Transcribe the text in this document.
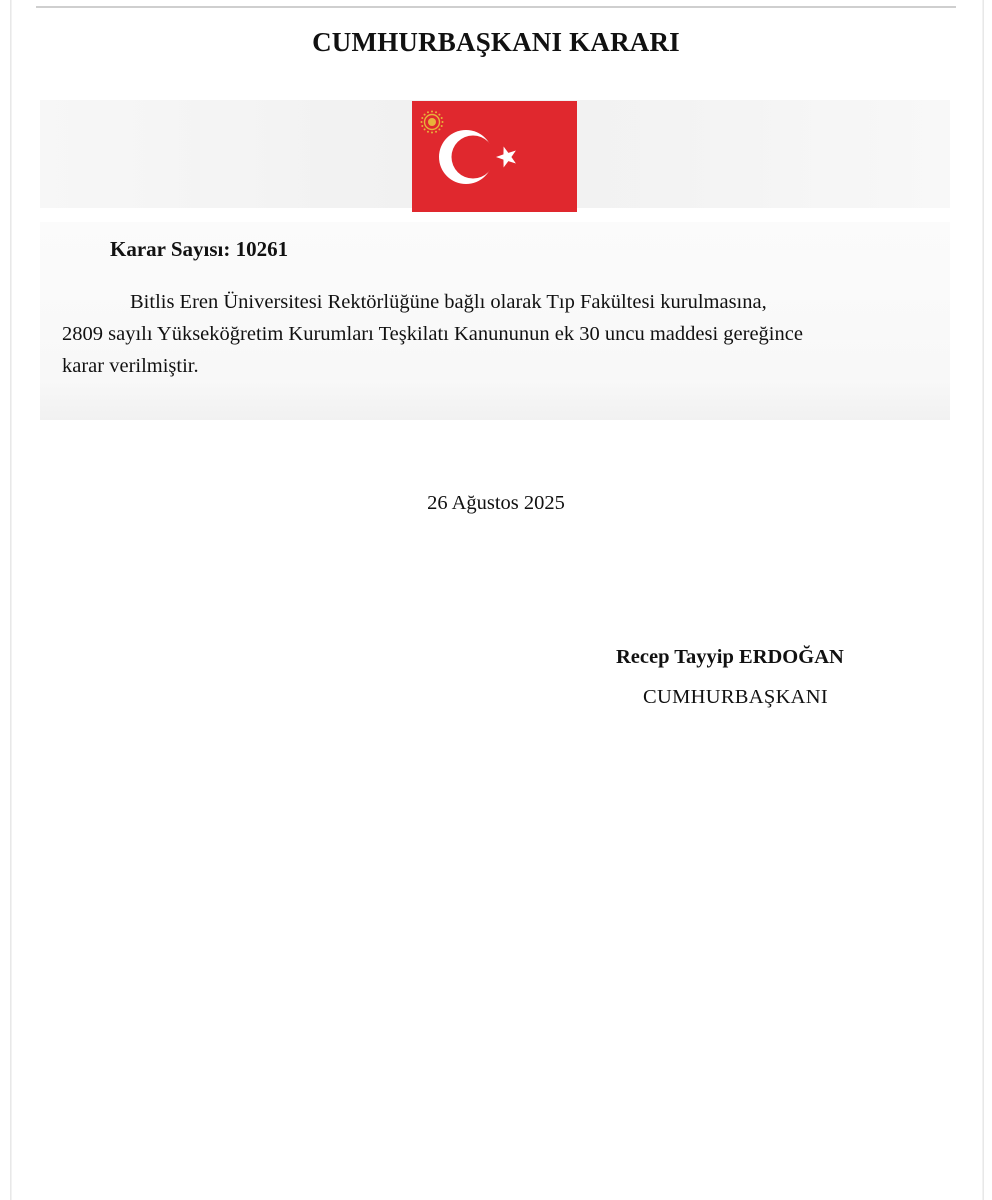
CUMHURBAŞKANI KARARI
Karar Sayısı: 10261
Bitlis Eren Üniversitesi Rektörlüğüne bağlı olarak Tıp Fakültesi kurulmasına,
2809 sayılı Yükseköğretim Kurumları Teşkilatı Kanununun ek 30 uncu maddesi gereğince
karar verilmiştir.
26 Ağustos 2025
Recep Tayyip ERDOĞAN
CUMHURBAŞKANI
